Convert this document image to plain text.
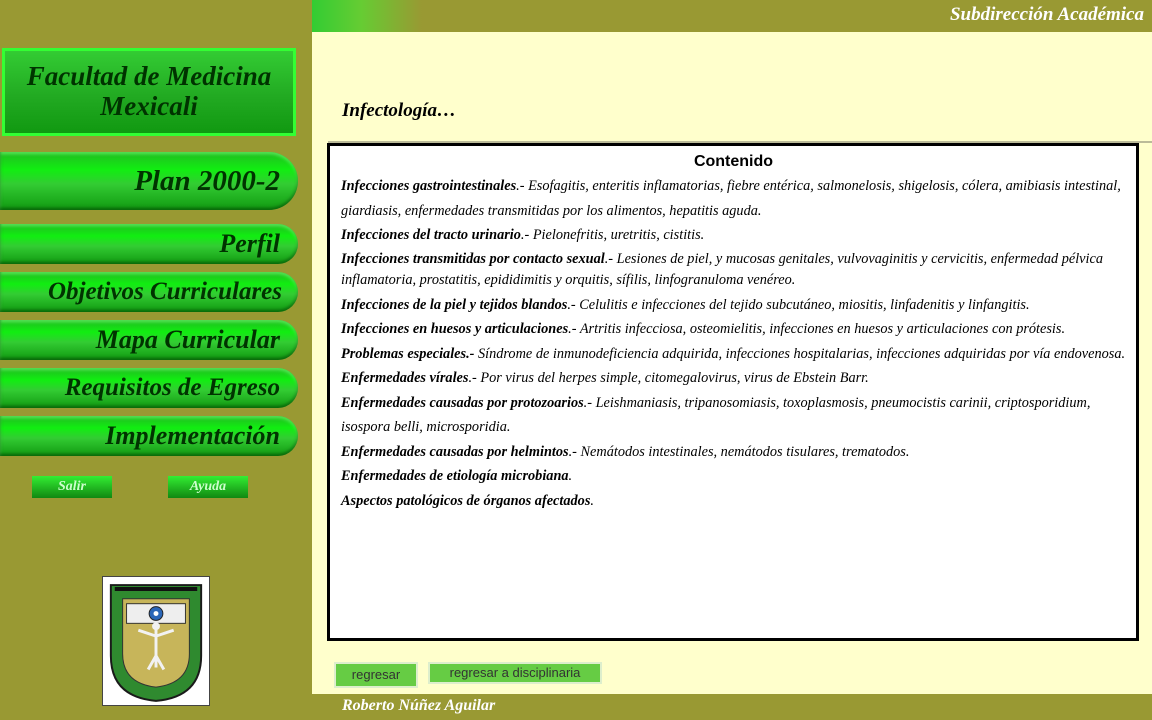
Subdirección Académica
Facultad de Medicina
Mexicali
Plan 2000-2
Perfil
Objetivos Curriculares
Mapa Curricular
Requisitos de Egreso
Implementación
Salir	Ayuda
Infectología…
Contenido
Infecciones gastrointestinales.- Esofagitis, enteritis inflamatorias, fiebre entérica, salmonelosis, shigelosis, cólera, amibiasis intestinal, giardiasis, enfermedades transmitidas por los alimentos, hepatitis aguda.
Infecciones del tracto urinario.- Pielonefritis, uretritis, cistitis.
Infecciones transmitidas por contacto sexual.- Lesiones de piel, y mucosas genitales, vulvovaginitis y cervicitis, enfermedad pélvica inflamatoria, prostatitis, epididimitis y orquitis, sífilis, linfogranuloma venéreo.
Infecciones de la piel y tejidos blandos.- Celulitis e infecciones del tejido subcutáneo, miositis, linfadenitis y linfangitis.
Infecciones en huesos y articulaciones.- Artritis infecciosa, osteomielitis, infecciones en huesos y articulaciones con prótesis.
Problemas especiales.- Síndrome de inmunodeficiencia adquirida, infecciones hospitalarias, infecciones adquiridas por vía endovenosa.
Enfermedades vírales.- Por virus del herpes simple, citomegalovirus, virus de Ebstein Barr.
Enfermedades causadas por protozoarios.- Leishmaniasis, tripanosomiasis, toxoplasmosis, pneumocistis carinii, criptosporidium, isospora belli, microsporidia.
Enfermedades causadas por helmintos.- Nemátodos intestinales, nemátodos tisulares, trematodos.
Enfermedades de etiología microbiana.
Aspectos patológicos de órganos afectados.
regresar	regresar a disciplinaria
Roberto Núñez Aguilar
